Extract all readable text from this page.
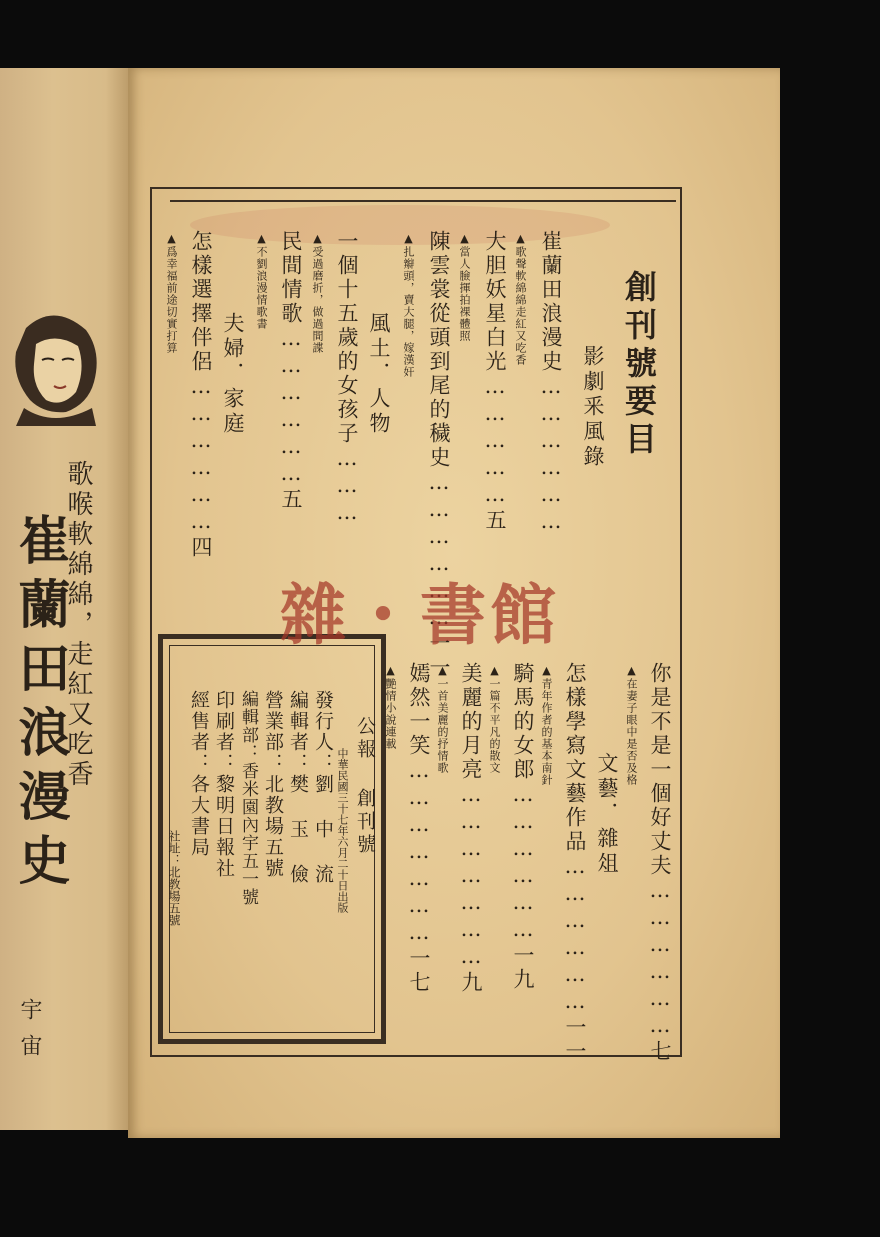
歌喉軟綿綿，走紅又吃香
崔蘭田浪漫史
宇宙
創刊號要目
影劇釆風錄
崔蘭田浪漫史………………
▲歌聲軟綿綿走紅又吃香
大胆妖星白光……………五
▲當人臉揮拍裸體照
陳雲裳從頭到尾的穢史………………一一
▲扎辮頭，賣大腿，嫁漢奸
風土．人物
一個十五歲的女孩子………
▲受過磨折，做過間諜
民間情歌………………五
▲不劉浪漫情歌書
夫婦．家庭
怎樣選擇伴侶………………四
▲爲幸福前途切實打算
你是不是一個好丈夫………………七
▲在妻子眼中是否及格
文藝．雜俎
怎樣學寫文藝作品………………一一
▲青年作者的基本南針
騎馬的女郎………………一九
▲一篇不平凡的散文
美麗的月亮…………………九
▲一首美麗的抒情歌
嫣然一笑…………………一七
▲艷情小說連載
公報 創刊號
中華民國三十七年六月二十日出版
發行人：劉 中 流
編輯者：樊 玉 儉
營業部：北教場五號
編輯部：香米園內宇五一號
印刷者：黎明日報社
經售者：各大書局
社址：北教場五號
雜・書館
